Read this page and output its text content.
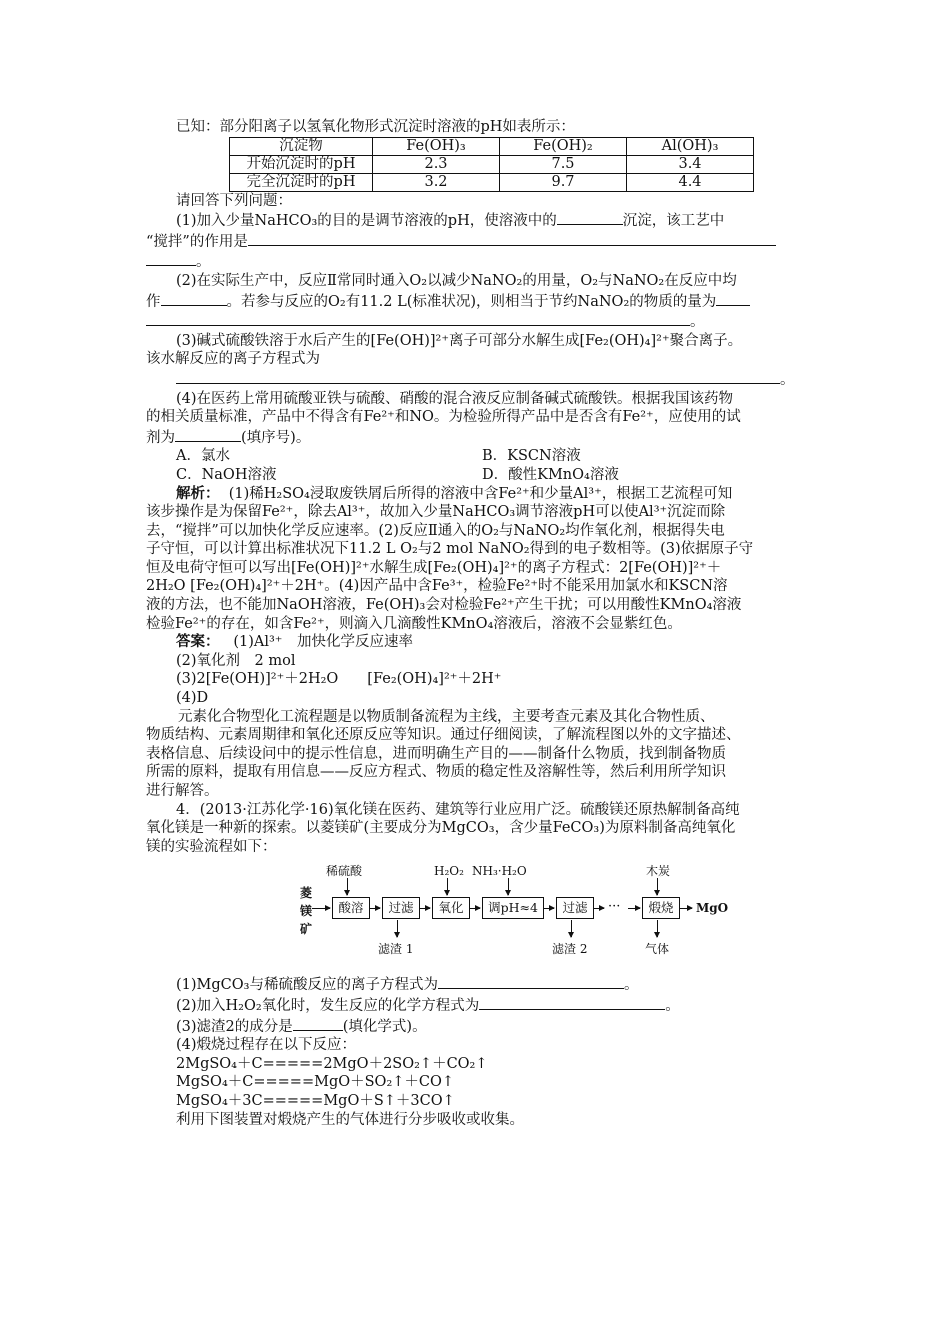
已知：部分阳离子以氢氧化物形式沉淀时溶液的pH如表所示：

沉淀物	Fe(OH)₃	Fe(OH)₂	Al(OH)₃
开始沉淀时的pH	2.3	7.5	3.4
完全沉淀时的pH	3.2	9.7	4.4

请回答下列问题：

(1)加入少量NaHCO₃的目的是调节溶液的pH，使溶液中的	沉淀，该工艺中

“搅拌”的作用是

。

(2)在实际生产中，反应Ⅱ常同时通入O₂以减少NaNO₂的用量，O₂与NaNO₂在反应中均

作	。若参与反应的O₂有11.2 L(标准状况)，则相当于节约NaNO₂的物质的量为

。

(3)碱式硫酸铁溶于水后产生的[Fe(OH)]²⁺离子可部分水解生成[Fe₂(OH)₄]²⁺聚合离子。

该水解反应的离子方程式为

。

(4)在医药上常用硫酸亚铁与硫酸、硝酸的混合液反应制备碱式硫酸铁。根据我国该药物

的相关质量标准，产品中不得含有Fe²⁺和NO。为检验所得产品中是否含有Fe²⁺，应使用的试

剂为	(填序号)。

A．氯水	B．KSCN溶液
C．NaOH溶液	D．酸性KMnO₄溶液

解析： (1)稀H₂SO₄浸取废铁屑后所得的溶液中含Fe²⁺和少量Al³⁺，根据工艺流程可知

该步操作是为保留Fe²⁺，除去Al³⁺，故加入少量NaHCO₃调节溶液pH可以使Al³⁺沉淀而除

去，“搅拌”可以加快化学反应速率。(2)反应Ⅱ通入的O₂与NaNO₂均作氧化剂，根据得失电

子守恒，可以计算出标准状况下11.2 L O₂与2 mol NaNO₂得到的电子数相等。(3)依据原子守

恒及电荷守恒可以写出[Fe(OH)]²⁺水解生成[Fe₂(OH)₄]²⁺的离子方程式：2[Fe(OH)]²⁺＋

2H₂O [Fe₂(OH)₄]²⁺＋2H⁺。(4)因产品中含Fe³⁺，检验Fe²⁺时不能采用加氯水和KSCN溶

液的方法，也不能加NaOH溶液，Fe(OH)₃会对检验Fe²⁺产生干扰；可以用酸性KMnO₄溶液

检验Fe²⁺的存在，如含Fe²⁺，则滴入几滴酸性KMnO₄溶液后，溶液不会显紫红色。

答案： (1)Al³⁺　加快化学反应速率

(2)氧化剂　2 mol

(3)2[Fe(OH)]²⁺＋2H₂O　　[Fe₂(OH)₄]²⁺＋2H⁺

(4)D

元素化合物型化工流程题是以物质制备流程为主线，主要考查元素及其化合物性质、

物质结构、元素周期律和氧化还原反应等知识。通过仔细阅读，了解流程图以外的文字描述、

表格信息、后续设问中的提示性信息，进而明确生产目的——制备什么物质，找到制备物质

所需的原料，提取有用信息——反应方程式、物质的稳定性及溶解性等，然后利用所学知识

进行解答。

4．(2013·江苏化学·16)氧化镁在医药、建筑等行业应用广泛。硫酸镁还原热解制备高纯

氧化镁是一种新的探索。以菱镁矿(主要成分为MgCO₃，含少量FeCO₃)为原料制备高纯氧化

镁的实验流程如下：

菱
镁
矿
酸溶	过滤	氧化	调pH≈4	过滤	···	煅烧	MgO
稀硫酸	H₂O₂ NH₃·H₂O	木炭
滤渣 1	滤渣 2	气体

(1)MgCO₃与稀硫酸反应的离子方程式为	。

(2)加入H₂O₂氧化时，发生反应的化学方程式为	。

(3)滤渣2的成分是	(填化学式)。

(4)煅烧过程存在以下反应：

2MgSO₄＋C=====2MgO＋2SO₂↑＋CO₂↑

MgSO₄＋C=====MgO＋SO₂↑＋CO↑

MgSO₄＋3C=====MgO＋S↑＋3CO↑

利用下图装置对煅烧产生的气体进行分步吸收或收集。
